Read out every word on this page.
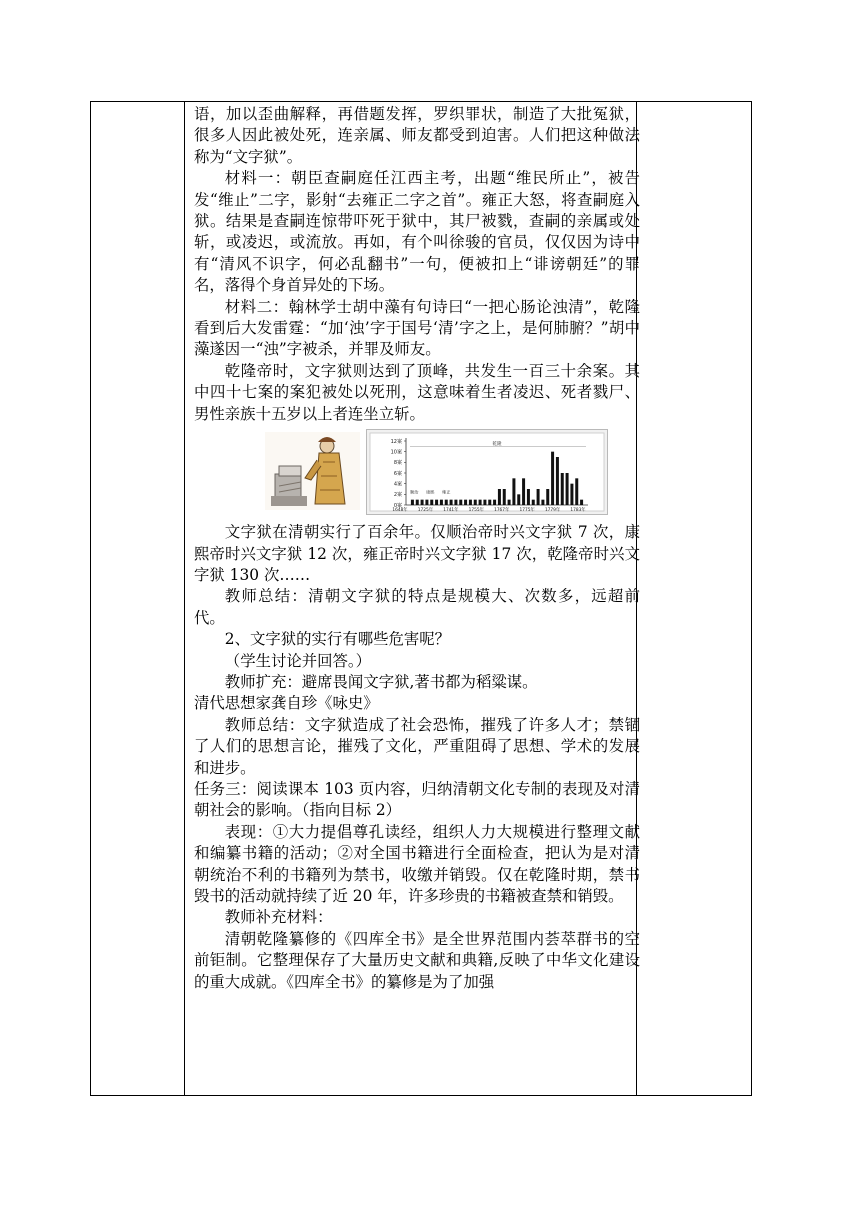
语，加以歪曲解释，再借题发挥，罗织罪状，制造了大批冤狱，很多人因此被处死，连亲属、师友都受到迫害。人们把这种做法称为“文字狱”。

材料一：朝臣查嗣庭任江西主考，出题“维民所止”，被告发“维止”二字，影射“去雍正二字之首”。雍正大怒，将查嗣庭入狱。结果是查嗣连惊带吓死于狱中，其尸被戮，查嗣的亲属或处斩，或凌迟，或流放。再如，有个叫徐骏的官员，仅仅因为诗中有“清风不识字，何必乱翻书”一句，便被扣上“诽谤朝廷”的罪名，落得个身首异处的下场。

材料二：翰林学士胡中藻有句诗曰“一把心肠论浊清”，乾隆看到后大发雷霆：“加‘浊’字于国号‘清’字之上，是何肺腑？”胡中藻遂因一“浊”字被杀，并罪及师友。

乾隆帝时，文字狱则达到了顶峰，共发生一百三十余案。其中四十七案的案犯被处以死刑，这意味着生者凌迟、死者戮尸、男性亲族十五岁以上者连坐立斩。

乾隆
0案
2案
4案
6案
8案
10案
12案
顺治 康熙 雍正
1648年 1725年 1741年 1755年 1767年 1775年 1779年 1783年

文字狱在清朝实行了百余年。仅顺治帝时兴文字狱 7 次，康熙帝时兴文字狱 12 次，雍正帝时兴文字狱 17 次，乾隆帝时兴文字狱 130 次……

教师总结：清朝文字狱的特点是规模大、次数多，远超前代。

2、文字狱的实行有哪些危害呢？

（学生讨论并回答。）

教师扩充：避席畏闻文字狱,著书都为稻粱谋。

清代思想家龚自珍《咏史》

教师总结：文字狱造成了社会恐怖，摧残了许多人才；禁锢了人们的思想言论，摧残了文化，严重阻碍了思想、学术的发展和进步。

任务三：阅读课本 103 页内容，归纳清朝文化专制的表现及对清朝社会的影响。（指向目标 2）

表现：①大力提倡尊孔读经，组织人力大规模进行整理文献和编纂书籍的活动；②对全国书籍进行全面检查，把认为是对清朝统治不利的书籍列为禁书，收缴并销毁。仅在乾隆时期，禁书毁书的活动就持续了近 20 年，许多珍贵的书籍被查禁和销毁。

教师补充材料：

清朝乾隆纂修的《四库全书》是全世界范围内荟萃群书的空前钜制。它整理保存了大量历史文献和典籍,反映了中华文化建设的重大成就。《四库全书》的纂修是为了加强
